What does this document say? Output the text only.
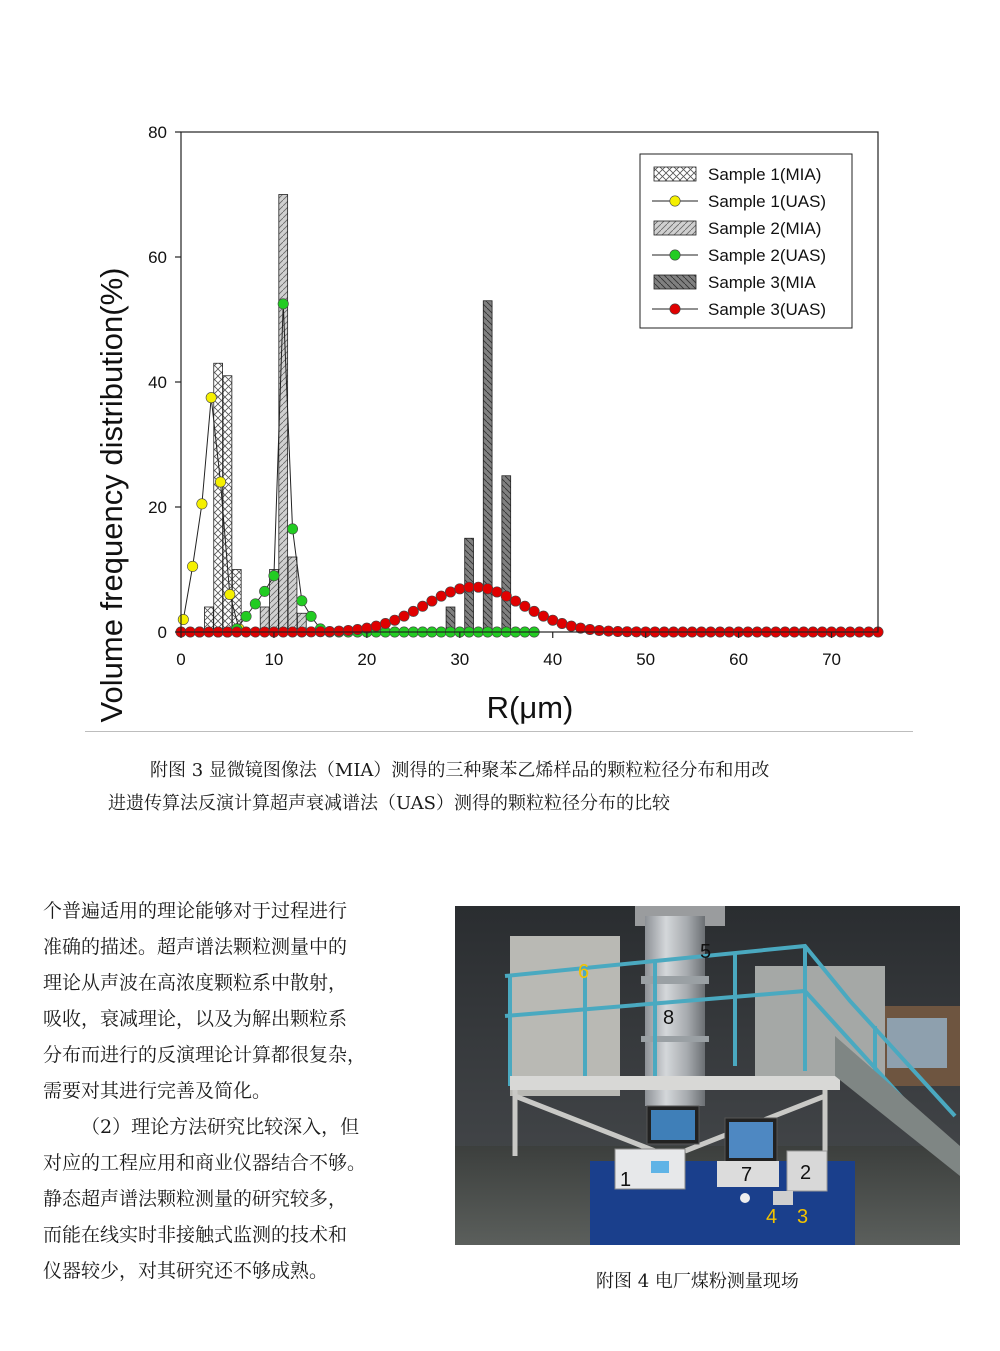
0	10	20	30	40	50	60	70
0
20
40
60
80
Volume frequency distribution(%)	R(μm)
Sample 1(MIA)
Sample 1(UAS)
Sample 2(MIA)
Sample 2(UAS)
Sample 3(MIA
Sample 3(UAS)
附图 3 显微镜图像法（MIA）测得的三种聚苯乙烯样品的颗粒粒径分布和用改
进遗传算法反演计算超声衰减谱法（UAS）测得的颗粒粒径分布的比较
个普遍适用的理论能够对于过程进行
准确的描述。超声谱法颗粒测量中的
理论从声波在高浓度颗粒系中散射，
吸收，衰减理论，以及为解出颗粒系
分布而进行的反演理论计算都很复杂，
需要对其进行完善及简化。
（2）理论方法研究比较深入，但
对应的工程应用和商业仪器结合不够。
静态超声谱法颗粒测量的研究较多，
而能在线实时非接触式监测的技术和
仪器较少，对其研究还不够成熟。
1	2
3
4
5
6
7
8
附图 4 电厂煤粉测量现场
